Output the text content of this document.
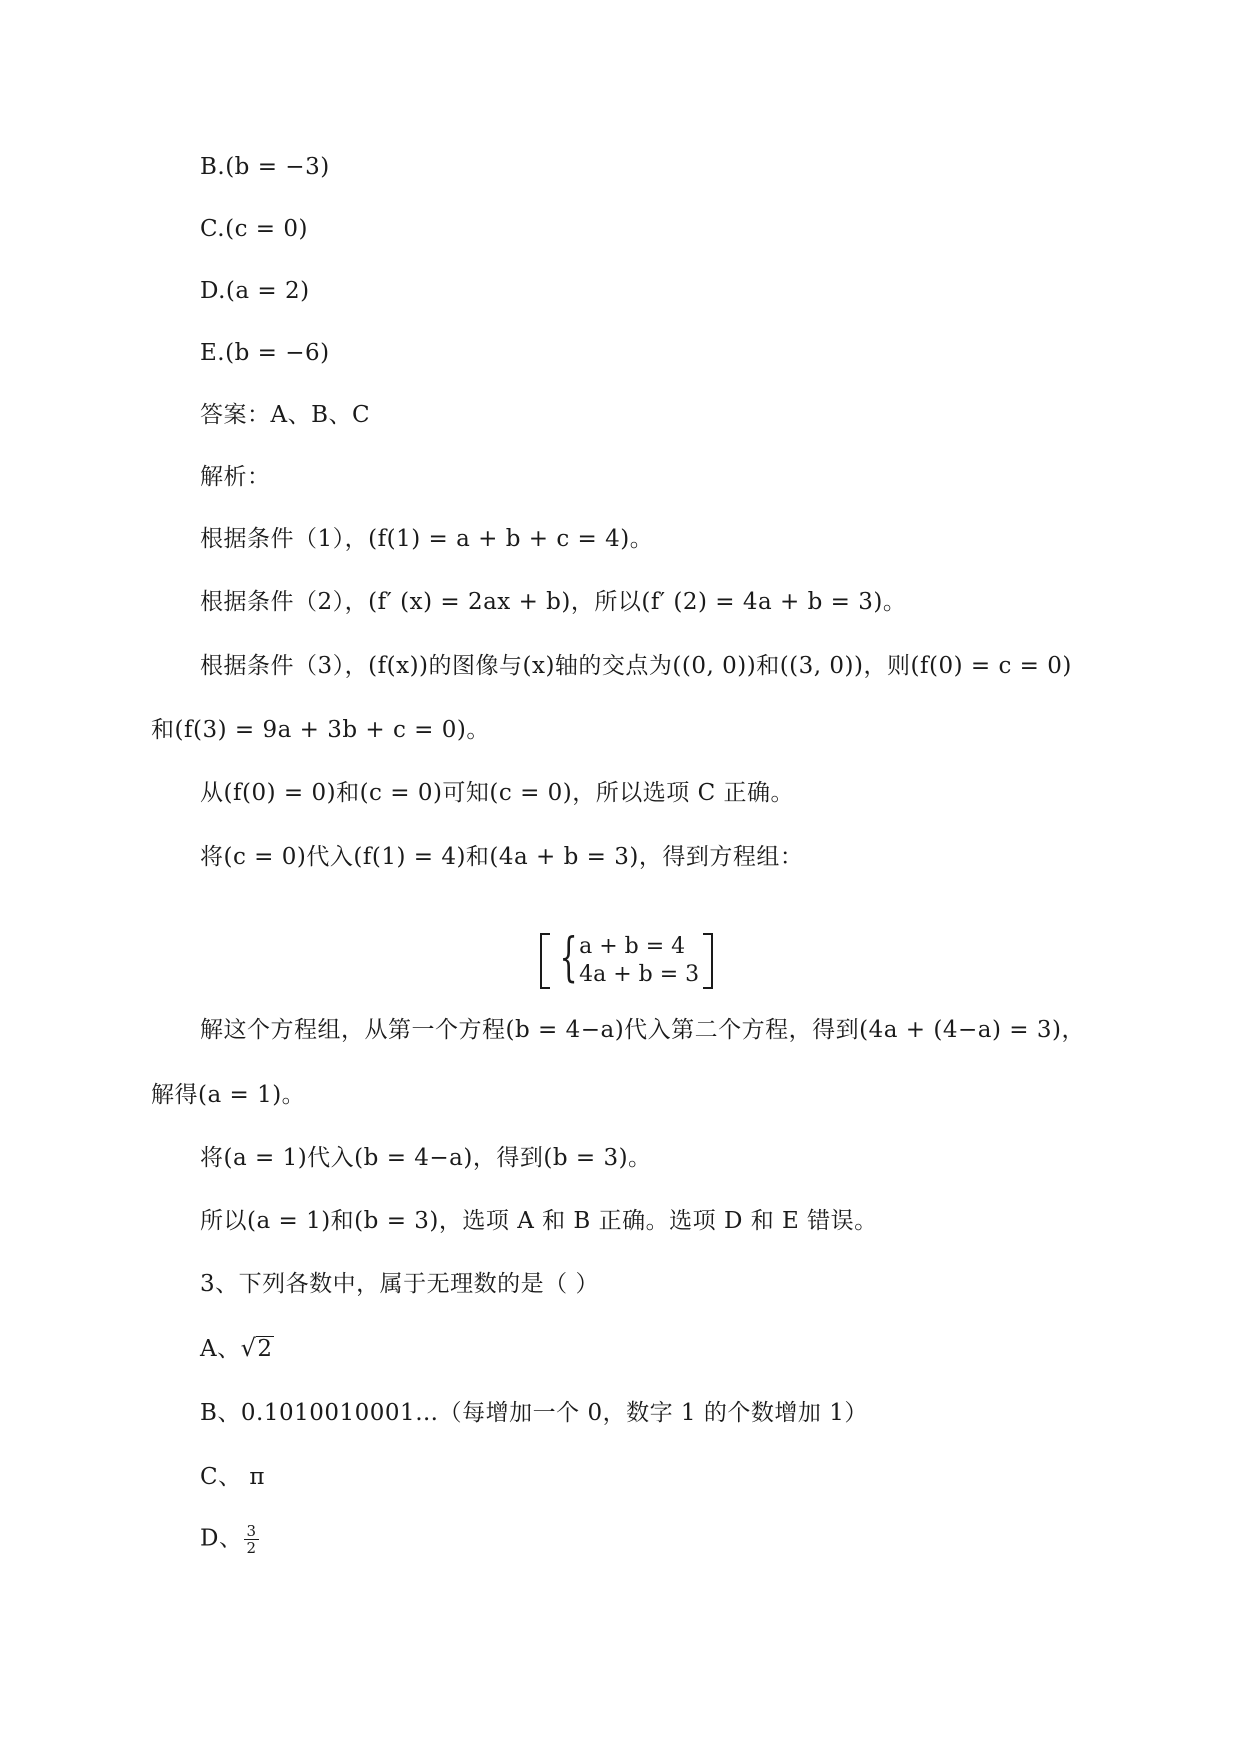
B.(b = −3)
C.(c = 0)
D.(a = 2)
E.(b = −6)
答案：A、B、C
解析：
根据条件（1），(f(1) = a + b + c = 4)。
根据条件（2），(f′ (x) = 2ax + b)，所以(f′ (2) = 4a + b = 3)。
根据条件（3），(f(x))的图像与(x)轴的交点为((0, 0))和((3, 0))，则(f(0) = c = 0)
和(f(3) = 9a + 3b + c = 0)。
从(f(0) = 0)和(c = 0)可知(c = 0)，所以选项 C 正确。
将(c = 0)代入(f(1) = 4)和(4a + b = 3)，得到方程组：
{ a + b = 4
4a + b = 3
解这个方程组，从第一个方程(b = 4−a)代入第二个方程，得到(4a + (4−a) = 3)，
解得(a = 1)。
将(a = 1)代入(b = 4−a)，得到(b = 3)。
所以(a = 1)和(b = 3)，选项 A 和 B 正确。选项 D 和 E 错误。
3、下列各数中，属于无理数的是（ ）
A、√2
B、0.1010010001…（每增加一个 0，数字 1 的个数增加 1）
C、 π
D、 $\frac{3}{2}$
